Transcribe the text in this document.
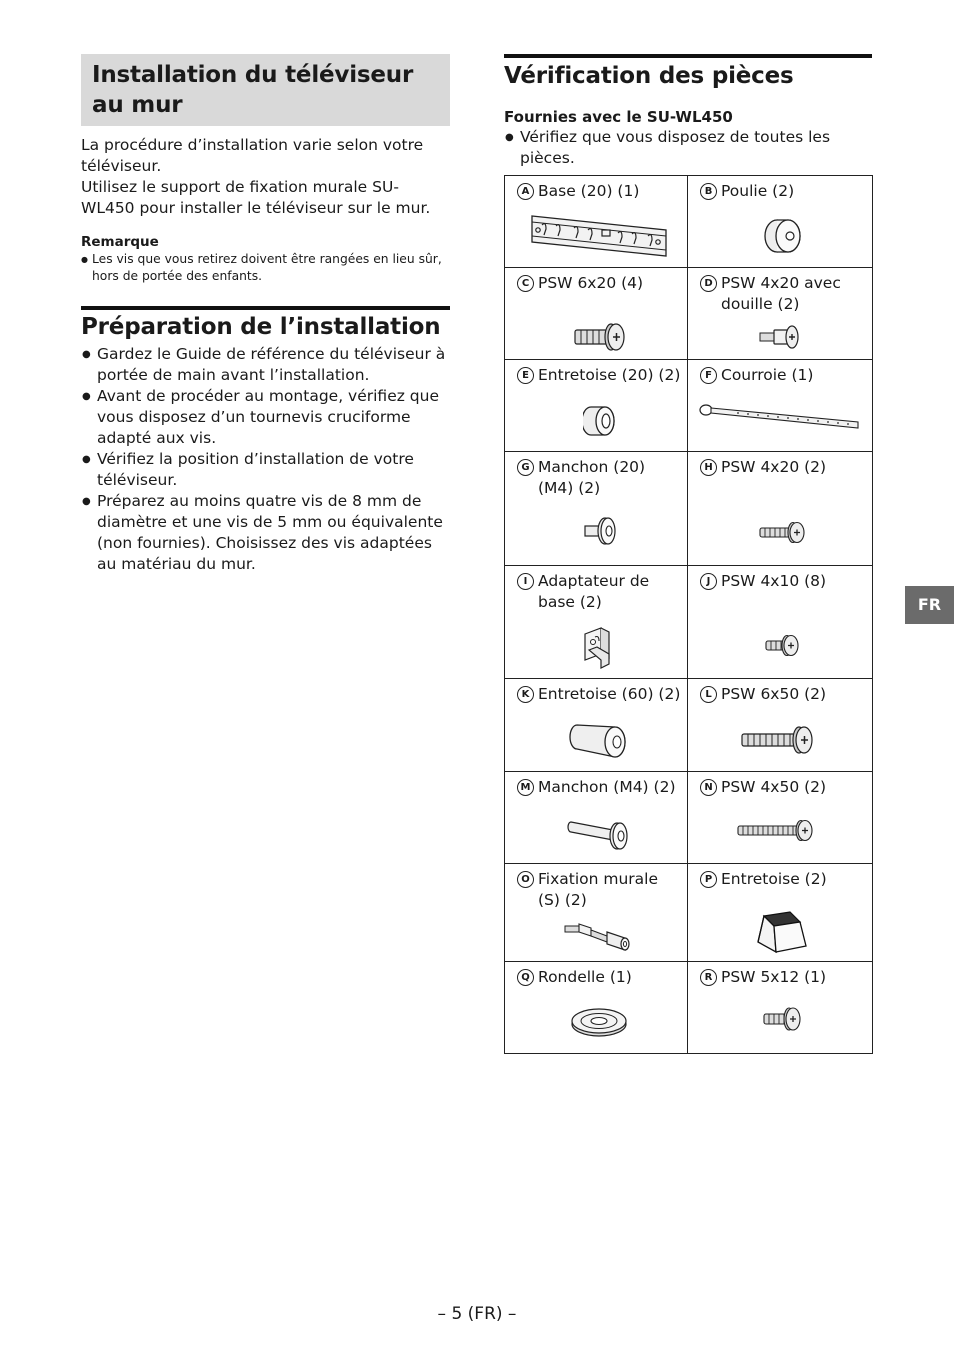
Installation du téléviseur au mur

La procédure d’installation varie selon votre téléviseur.

Utilisez le support de fixation murale SU-WL450 pour installer le téléviseur sur le mur.

Remarque
● Les vis que vous retirez doivent être rangées en lieu sûr, hors de portée des enfants.
Préparation de l’installation
● Gardez le Guide de référence du téléviseur à portée de main avant l’installation.
● Avant de procéder au montage, vérifiez que vous disposez d’un tournevis cruciforme adapté aux vis.
● Vérifiez la position d’installation de votre téléviseur.
● Préparez au moins quatre vis de 8 mm de diamètre et une vis de 5 mm ou équivalente (non fournies). Choisissez des vis adaptées au matériau du mur.
Vérification des pièces
Fournies avec le SU-WL450
● Vérifiez que vous disposez de toutes les pièces.
A Base (20) (1)	B Poulie (2)

C PSW 6x20 (4)	D PSW 4x20 avec douille (2)

E Entretoise (20) (2)	F Courroie (1)

G Manchon (20) (M4) (2)	H PSW 4x20 (2)

I Adaptateur de base (2)	J PSW 4x10 (8)

K Entretoise (60) (2)	L PSW 6x50 (2)

M Manchon (M4) (2)	N PSW 4x50 (2)

O Fixation murale (S) (2)	P Entretoise (2)

Q Rondelle (1)	R PSW 5x12 (1)
FR
– 5 (FR) –
